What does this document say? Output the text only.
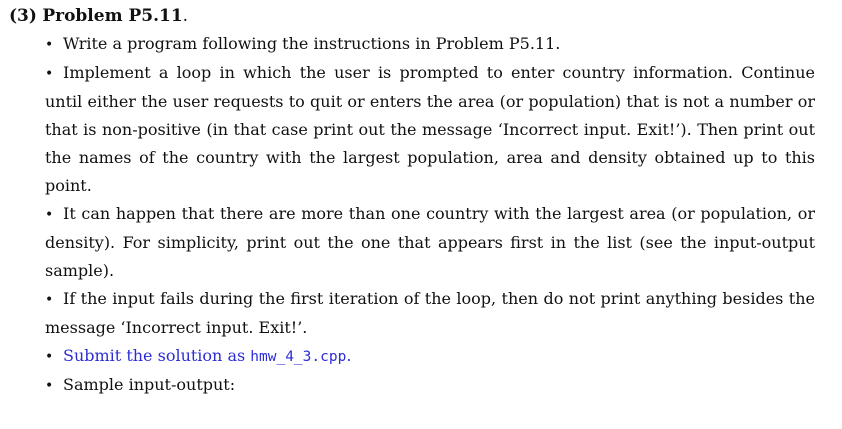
(3) Problem P5.11.
• Write a program following the instructions in Problem P5.11.
• Implement a loop in which the user is prompted to enter country information. Continue until either the user requests to quit or enters the area (or population) that is not a number or that is non-positive (in that case print out the message ‘Incorrect input. Exit!’). Then print out the names of the country with the largest population, area and density obtained up to this point.
• It can happen that there are more than one country with the largest area (or population, or density). For simplicity, print out the one that appears first in the list (see the input-output sample).
• If the input fails during the first iteration of the loop, then do not print anything besides the message ‘Incorrect input. Exit!’.
• Submit the solution as hmw_4_3.cpp.
• Sample input-output:
